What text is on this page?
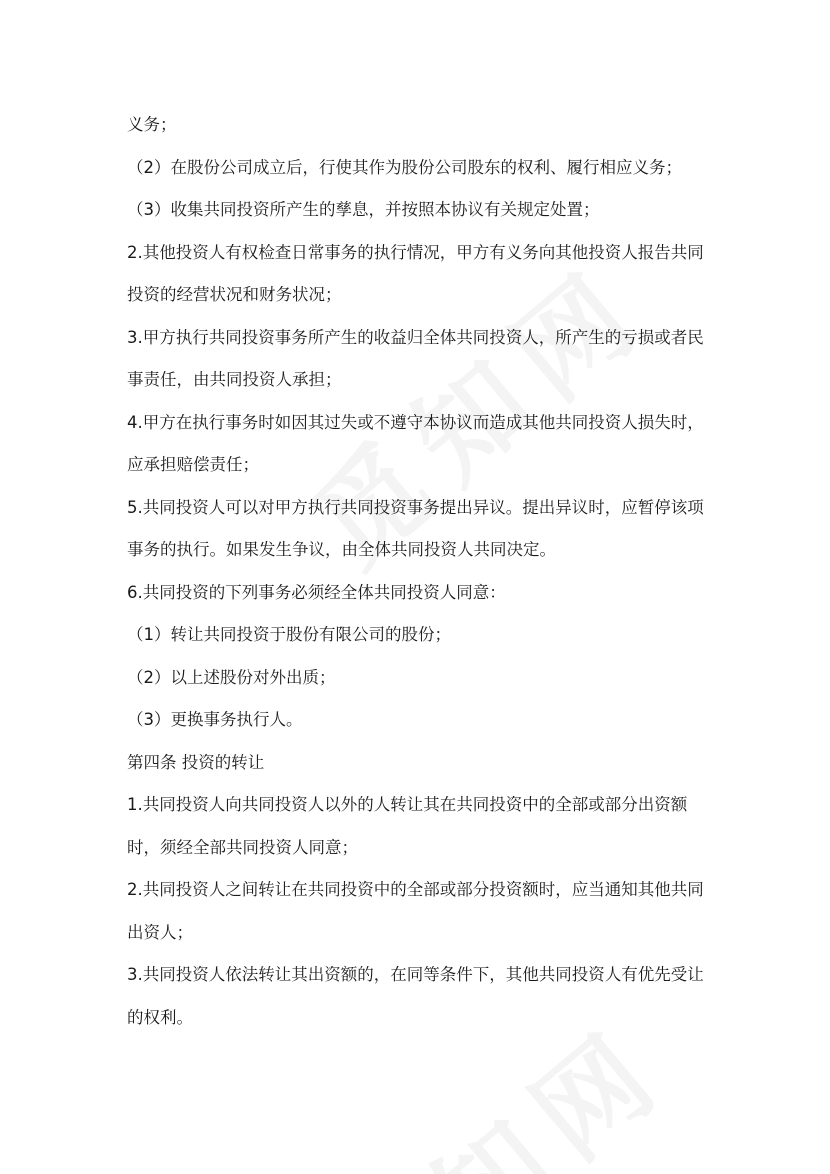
义务；

（2）在股份公司成立后，行使其作为股份公司股东的权利、履行相应义务；

（3）收集共同投资所产生的孳息，并按照本协议有关规定处置；

2.其他投资人有权检查日常事务的执行情况，甲方有义务向其他投资人报告共同

投资的经营状况和财务状况；

3.甲方执行共同投资事务所产生的收益归全体共同投资人，所产生的亏损或者民

事责任，由共同投资人承担；

4.甲方在执行事务时如因其过失或不遵守本协议而造成其他共同投资人损失时，

应承担赔偿责任；

5.共同投资人可以对甲方执行共同投资事务提出异议。提出异议时，应暂停该项

事务的执行。如果发生争议，由全体共同投资人共同决定。

6.共同投资的下列事务必须经全体共同投资人同意：

（1）转让共同投资于股份有限公司的股份；

（2）以上述股份对外出质；

（3）更换事务执行人。

第四条 投资的转让

1.共同投资人向共同投资人以外的人转让其在共同投资中的全部或部分出资额

时，须经全部共同投资人同意；

2.共同投资人之间转让在共同投资中的全部或部分投资额时，应当通知其他共同

出资人；

3.共同投资人依法转让其出资额的，在同等条件下，其他共同投资人有优先受让

的权利。
